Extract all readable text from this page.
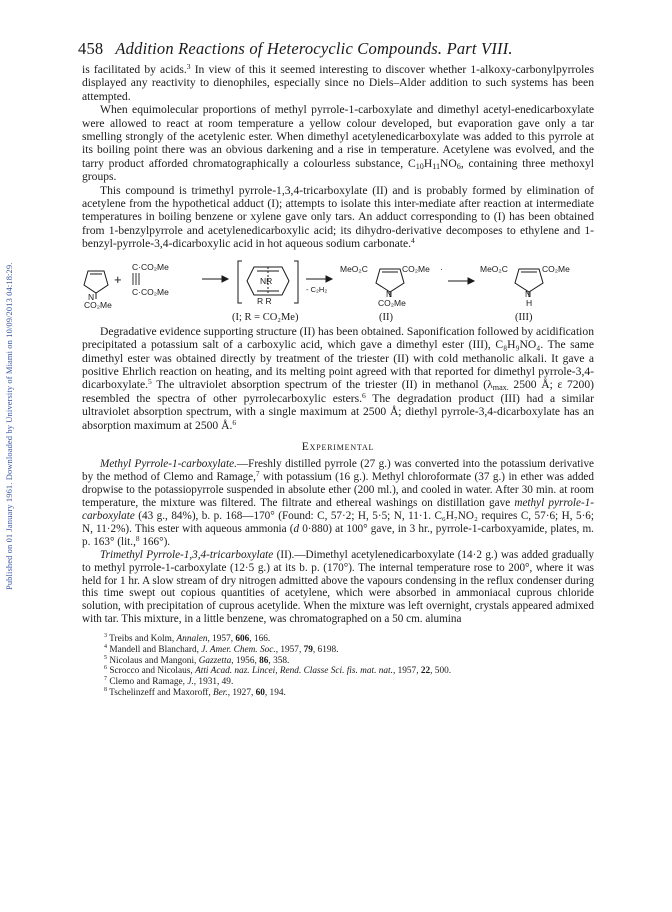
Published on 01 January 1961. Downloaded by University of Miami on 10/09/2013 04:18:29.
458 Addition Reactions of Heterocyclic Compounds. Part VIII.

is facilitated by acids.$^3$ In view of this it seemed interesting to discover whether 1-alkoxy-carbonylpyrroles displayed any reactivity to dienophiles, especially since no Diels–Alder addition to such systems has been attempted.

When equimolecular proportions of methyl pyrrole-1-carboxylate and dimethyl acetyl-enedicarboxylate were allowed to react at room temperature a yellow colour developed, but evaporation gave only a tar smelling strongly of the acetylenic ester. When dimethyl acetylenedicarboxylate was added to this pyrrole at its boiling point there was an obvious darkening and a rise in temperature. Acetylene was evolved, and the tarry product afforded chromatographically a colourless substance, $C_{10}H_{11}NO_6$, containing three methoxyl groups.

This compound is trimethyl pyrrole-1,3,4-tricarboxylate (II) and is probably formed by elimination of acetylene from the hypothetical adduct (I); attempts to isolate this inter-mediate after reaction at intermediate temperatures in boiling benzene or xylene gave only tars. An adduct corresponding to (I) has been obtained from 1-benzylpyrrole and acetylenedicarboxylic acid; its dihydro-derivative decomposes to ethylene and 1-benzyl-pyrrole-3,4-dicarboxylic acid in hot aqueous sodium carbonate.$^4$

N
CO₂Me
+
C·CO₂Me
C·CO₂Me
NR
R R
- C₂H₂
MeO₂C	CO₂Me ·
N
CO₂Me
MeO₂C	CO₂Me
N
H
(I; R = CO₂Me)	(II)	(III)

Degradative evidence supporting structure (II) has been obtained. Saponification followed by acidification precipitated a potassium salt of a carboxylic acid, which gave a dimethyl ester (III), C₈H₉NO₄. The same dimethyl ester was obtained directly by treatment of the triester (II) with cold methanolic alkali. It gave a positive Ehrlich reaction on heating, and its melting point agreed with that reported for dimethyl pyrrole-3,4-dicarboxylate.$^5$ The ultraviolet absorption spectrum of the triester (II) in methanol ($\lambda_{max.}$ 2500 Å; ε 7200) resembled the spectra of other pyrrolecarboxylic esters.$^6$ The degradation product (III) had a similar ultraviolet absorption spectrum, with a single maximum at 2500 Å; diethyl pyrrole-3,4-dicarboxylate has an absorption maximum at 2500 Å.$^6$

Experimental

Methyl Pyrrole-1-carboxylate.—Freshly distilled pyrrole (27 g.) was converted into the potassium derivative by the method of Clemo and Ramage,$^7$ with potassium (16 g.). Methyl chloroformate (37 g.) in ether was added dropwise to the potassiopyrrole suspended in absolute ether (200 ml.), and cooled in water. After 30 min. at room temperature, the mixture was filtered. The filtrate and ethereal washings on distillation gave methyl pyrrole-1-carboxylate (43 g., 84%), b. p. 168—170° (Found: C, 57·2; H, 5·5; N, 11·1. C₆H₇NO₂ requires C, 57·6; H, 5·6; N, 11·2%). This ester with aqueous ammonia (d 0·880) at 100° gave, in 3 hr., pyrrole-1-carboxyamide, plates, m. p. 163° (lit.,$^8$ 166°).

Trimethyl Pyrrole-1,3,4-tricarboxylate (II).—Dimethyl acetylenedicarboxylate (14·2 g.) was added gradually to methyl pyrrole-1-carboxylate (12·5 g.) at its b. p. (170°). The internal temperature rose to 200°, where it was held for 1 hr. A slow stream of dry nitrogen admitted above the vapours condensing in the reflux condenser during this time swept out copious quantities of acetylene, which were absorbed in ammoniacal cuprous chloride solution, with precipitation of cuprous acetylide. When the mixture was left overnight, crystals appeared admixed with tar. This mixture, in a little benzene, was chromatographed on a 50 cm. alumina

$^3$ Treibs and Kolm, Annalen, 1957, 606, 166.
$^4$ Mandell and Blanchard, J. Amer. Chem. Soc., 1957, 79, 6198.
$^5$ Nicolaus and Mangoni, Gazzetta, 1956, 86, 358.
$^6$ Scrocco and Nicolaus, Atti Acad. naz. Lincei, Rend. Classe Sci. fis. mat. nat., 1957, 22, 500.
$^7$ Clemo and Ramage, J., 1931, 49.
$^8$ Tschelinzeff and Maxoroff, Ber., 1927, 60, 194.
